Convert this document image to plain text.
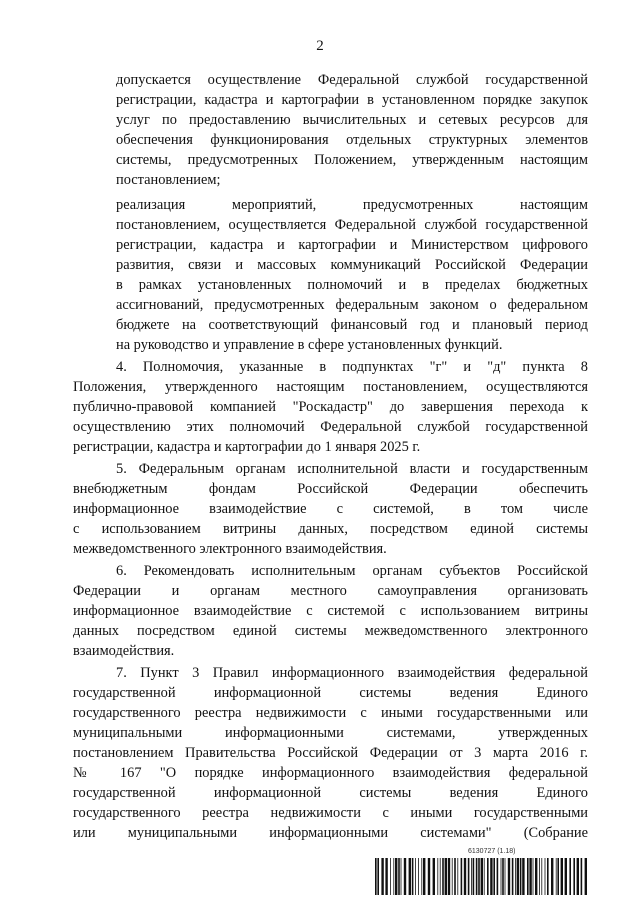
2
допускается осуществление Федеральной службой государственной
регистрации, кадастра и картографии в установленном порядке закупок
услуг по предоставлению вычислительных и сетевых ресурсов для
обеспечения функционирования отдельных структурных элементов
системы, предусмотренных Положением, утвержденным настоящим
постановлением;
реализация мероприятий, предусмотренных настоящим
постановлением, осуществляется Федеральной службой государственной
регистрации, кадастра и картографии и Министерством цифрового
развития, связи и массовых коммуникаций Российской Федерации
в рамках установленных полномочий и в пределах бюджетных
ассигнований, предусмотренных федеральным законом о федеральном
бюджете на соответствующий финансовый год и плановый период
на руководство и управление в сфере установленных функций.
4. Полномочия, указанные в подпунктах "г" и "д" пункта 8
Положения, утвержденного настоящим постановлением, осуществляются
публично-правовой компанией "Роскадастр" до завершения перехода к
осуществлению этих полномочий Федеральной службой государственной
регистрации, кадастра и картографии до 1 января 2025 г.
5. Федеральным органам исполнительной власти и государственным
внебюджетным фондам Российской Федерации обеспечить
информационное взаимодействие с системой, в том числе
с использованием витрины данных, посредством единой системы
межведомственного электронного взаимодействия.
6. Рекомендовать исполнительным органам субъектов Российской
Федерации и органам местного самоуправления организовать
информационное взаимодействие с системой с использованием витрины
данных посредством единой системы межведомственного электронного
взаимодействия.
7. Пункт 3 Правил информационного взаимодействия федеральной
государственной информационной системы ведения Единого
государственного реестра недвижимости с иными государственными или
муниципальными информационными системами, утвержденных
постановлением Правительства Российской Федерации от 3 марта 2016 г.
№ 167 "О порядке информационного взаимодействия федеральной
государственной информационной системы ведения Единого
государственного реестра недвижимости с иными государственными
или муниципальными информационными системами" (Собрание
6130727 (1.18)
